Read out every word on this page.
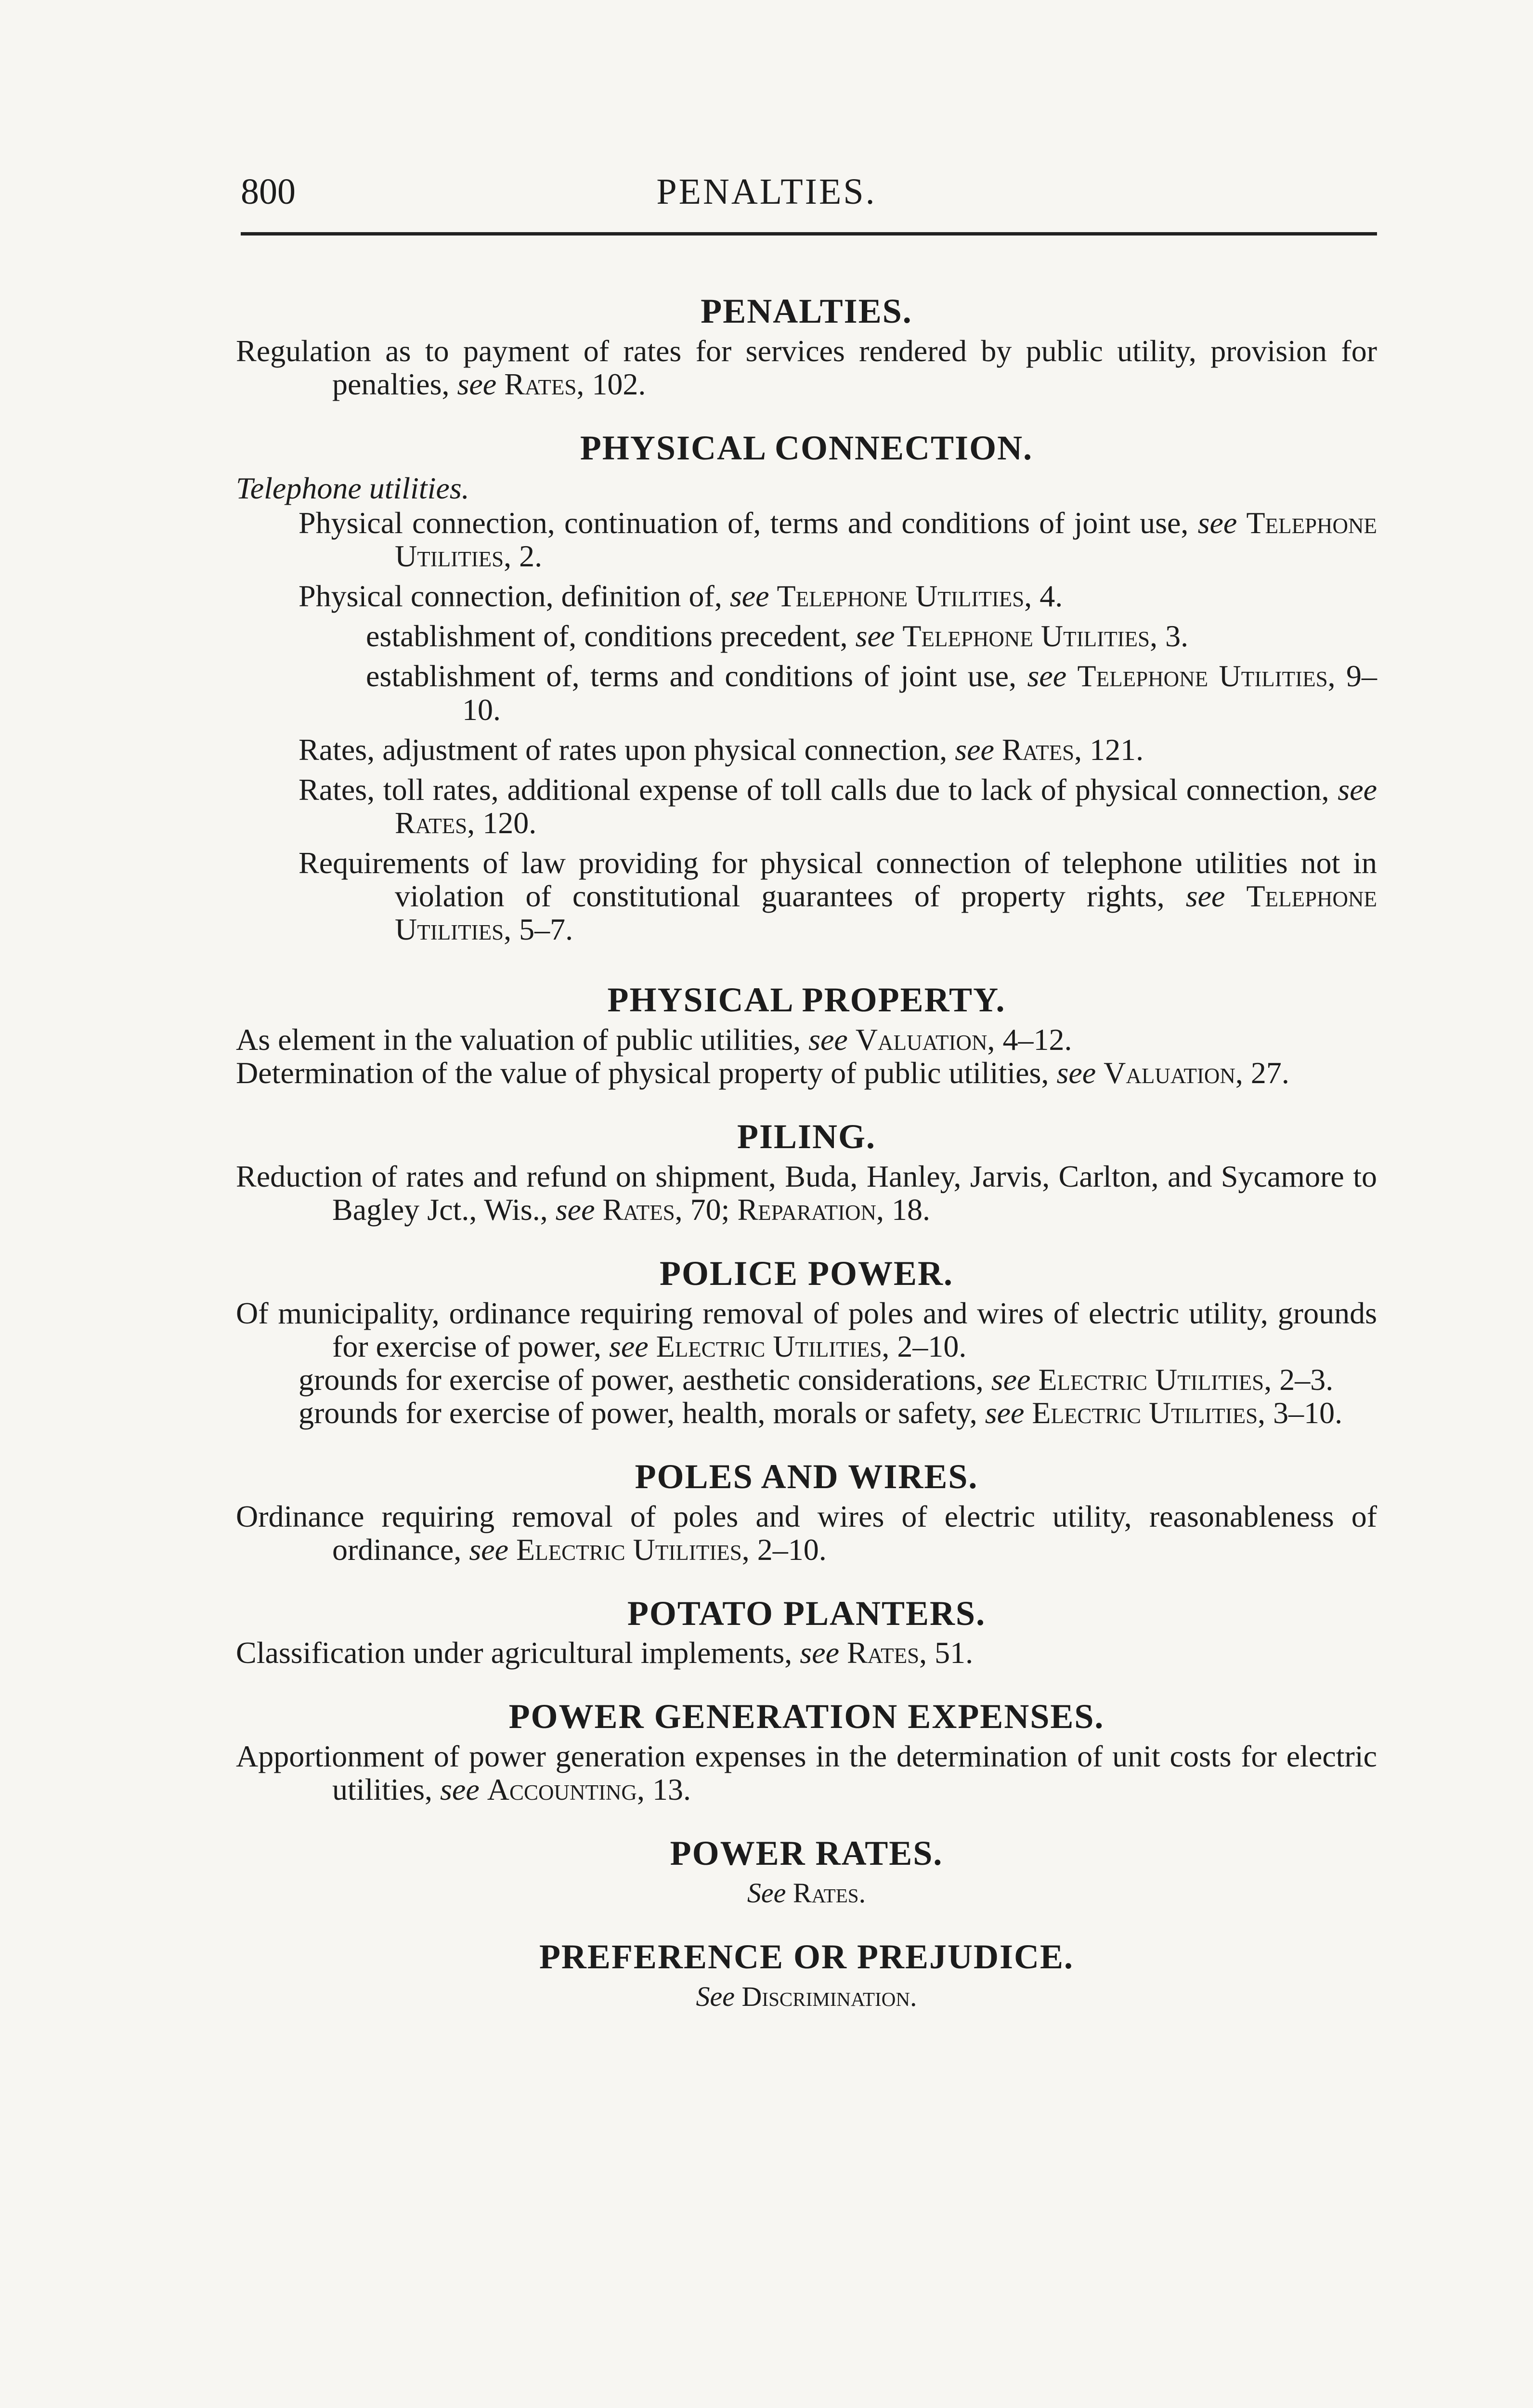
800	PENALTIES.
PENALTIES.

Regulation as to payment of rates for services rendered by public utility, provision for penalties, see Rates, 102.

PHYSICAL CONNECTION.

Telephone utilities.

Physical connection, continuation of, terms and conditions of joint use, see Telephone Utilities, 2.

Physical connection, definition of, see Telephone Utilities, 4.

establishment of, conditions precedent, see Telephone Utilities, 3.

establishment of, terms and conditions of joint use, see Telephone Utilities, 9–10.

Rates, adjustment of rates upon physical connection, see Rates, 121.

Rates, toll rates, additional expense of toll calls due to lack of physical connection, see Rates, 120.

Requirements of law providing for physical connection of telephone utilities not in violation of constitutional guarantees of property rights, see Telephone Utilities, 5–7.

PHYSICAL PROPERTY.

As element in the valuation of public utilities, see Valuation, 4–12.

Determination of the value of physical property of public utilities, see Valuation, 27.

PILING.

Reduction of rates and refund on shipment, Buda, Hanley, Jarvis, Carlton, and Sycamore to Bagley Jct., Wis., see Rates, 70; Reparation, 18.

POLICE POWER.

Of municipality, ordinance requiring removal of poles and wires of electric utility, grounds for exercise of power, see Electric Utilities, 2–10.

grounds for exercise of power, aesthetic considerations, see Electric Utilities, 2–3.

grounds for exercise of power, health, morals or safety, see Electric Utilities, 3–10.

POLES AND WIRES.

Ordinance requiring removal of poles and wires of electric utility, reasonableness of ordinance, see Electric Utilities, 2–10.

POTATO PLANTERS.

Classification under agricultural implements, see Rates, 51.

POWER GENERATION EXPENSES.

Apportionment of power generation expenses in the determination of unit costs for electric utilities, see Accounting, 13.

POWER RATES.

See Rates.

PREFERENCE OR PREJUDICE.

See Discrimination.
